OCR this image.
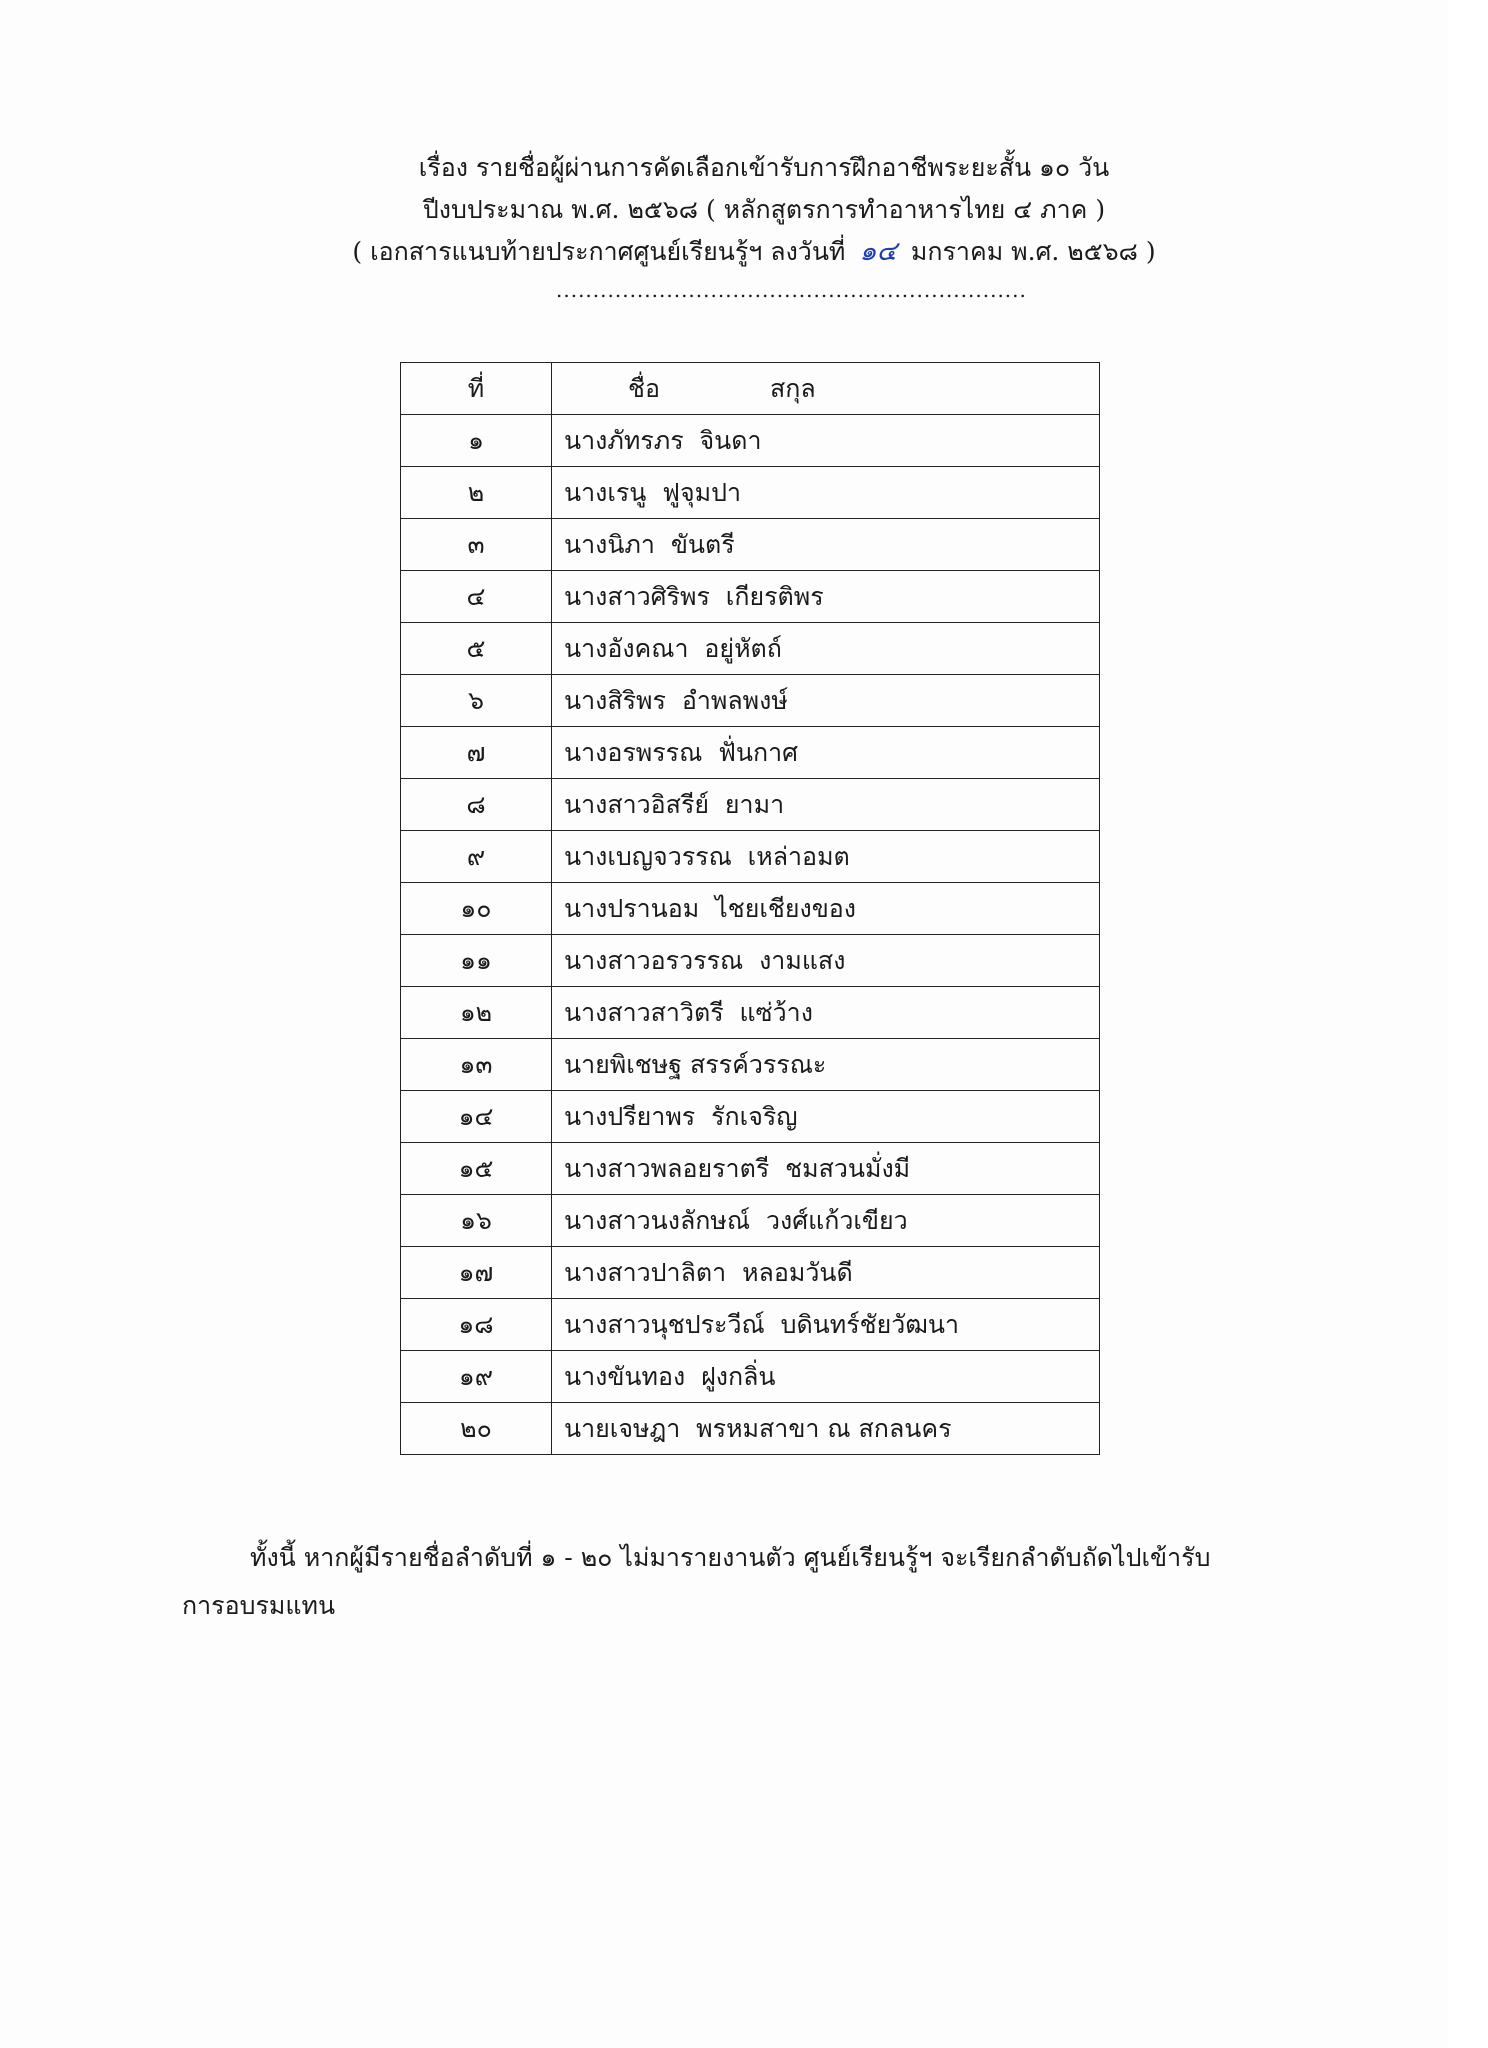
เรื่อง รายชื่อผู้ผ่านการคัดเลือกเข้ารับการฝึกอาชีพระยะสั้น ๑๐ วัน
ปีงบประมาณ พ.ศ. ๒๕๖๘ ( หลักสูตรการทำอาหารไทย ๔ ภาค )
( เอกสารแนบท้ายประกาศศูนย์เรียนรู้ฯ ลงวันที่ ๑๔ มกราคม พ.ศ. ๒๕๖๘ )
................................................................
ที่	ชื่อ สกุล

๑	นางภัทรภร  จินดา
๒	นางเรนู  ฟูจุมปา
๓	นางนิภา  ขันตรี
๔	นางสาวศิริพร  เกียรติพร
๕	นางอังคณา  อยู่หัตถ์
๖	นางสิริพร  อำพลพงษ์
๗	นางอรพรรณ  ฟั่นกาศ
๘	นางสาวอิสรีย์  ยามา
๙	นางเบญจวรรณ  เหล่าอมต
๑๐	นางปรานอม  ไชยเชียงของ
๑๑	นางสาวอรวรรณ  งามแสง
๑๒	นางสาวสาวิตรี  แซ่ว้าง
๑๓	นายพิเชษฐ สรรค์วรรณะ
๑๔	นางปรียาพร  รักเจริญ
๑๕	นางสาวพลอยราตรี  ชมสวนมั่งมี
๑๖	นางสาวนงลักษณ์  วงศ์แก้วเขียว
๑๗	นางสาวปาลิตา  หลอมวันดี
๑๘	นางสาวนุชประวีณ์  บดินทร์ชัยวัฒนา
๑๙	นางขันทอง  ฝูงกลิ่น
๒๐	นายเจษฎา  พรหมสาขา ณ สกลนคร
ทั้งนี้ หากผู้มีรายชื่อลำดับที่ ๑ - ๒๐ ไม่มารายงานตัว ศูนย์เรียนรู้ฯ จะเรียกลำดับถัดไปเข้ารับการอบรมแทน
